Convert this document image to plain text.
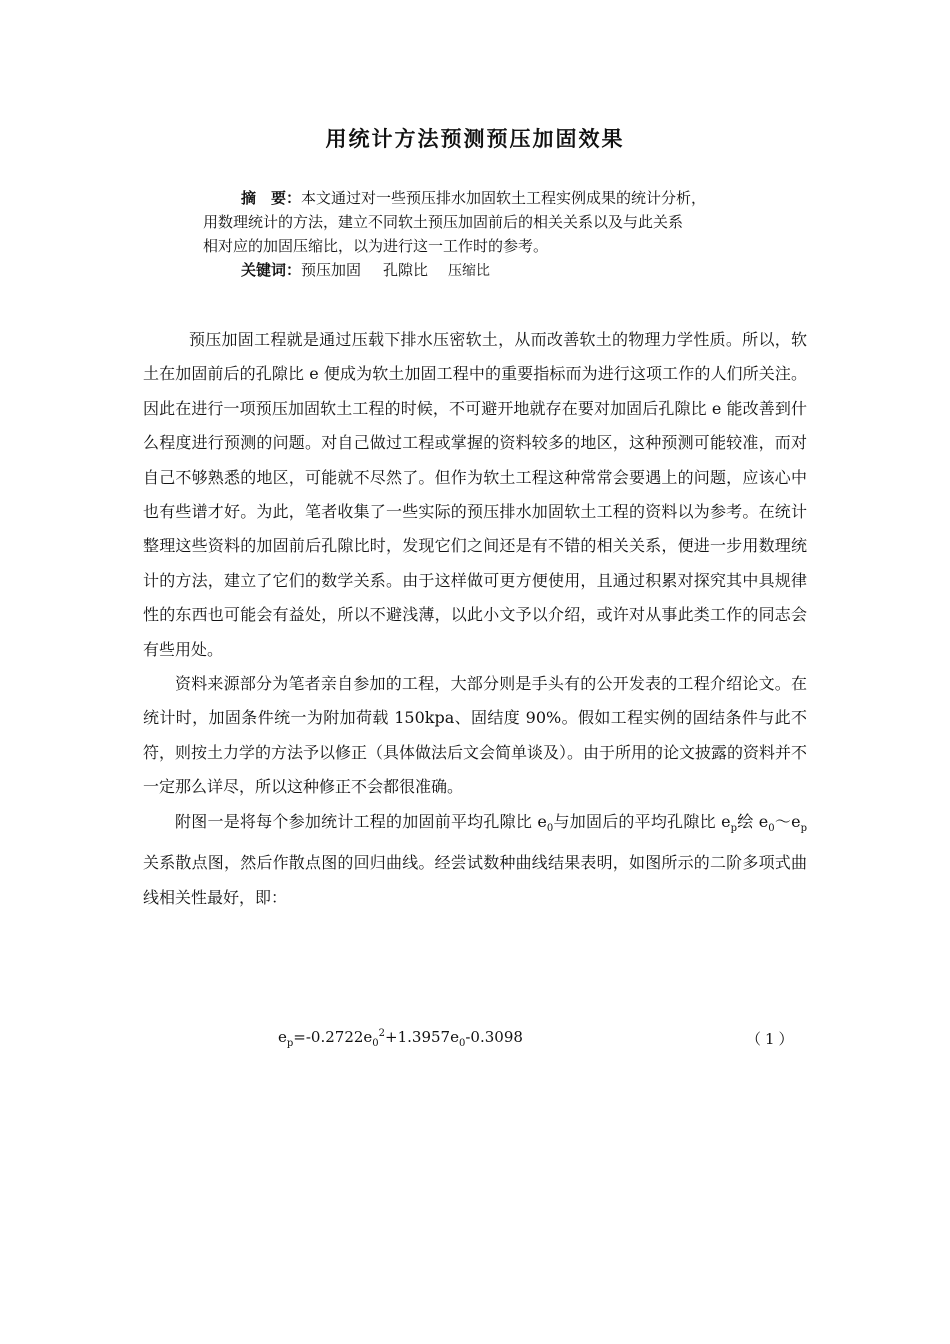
用统计方法预测预压加固效果
摘　要：本文通过对一些预压排水加固软土工程实例成果的统计分析，
用数理统计的方法，建立不同软土预压加固前后的相关关系以及与此关系
相对应的加固压缩比，以为进行这一工作时的参考。
关键词：预压加固 孔隙比 压缩比

预压加固工程就是通过压载下排水压密软土，从而改善软土的物理力学性质。所以，软土在加固前后的孔隙比 e 便成为软土加固工程中的重要指标而为进行这项工作的人们所关注。因此在进行一项预压加固软土工程的时候，不可避开地就存在要对加固后孔隙比 e 能改善到什么程度进行预测的问题。对自己做过工程或掌握的资料较多的地区，这种预测可能较准，而对自己不够熟悉的地区，可能就不尽然了。但作为软土工程这种常常会要遇上的问题，应该心中也有些谱才好。为此，笔者收集了一些实际的预压排水加固软土工程的资料以为参考。在统计整理这些资料的加固前后孔隙比时，发现它们之间还是有不错的相关关系，便进一步用数理统计的方法，建立了它们的数学关系。由于这样做可更方便使用，且通过积累对探究其中具规律性的东西也可能会有益处，所以不避浅薄，以此小文予以介绍，或许对从事此类工作的同志会有些用处。

资料来源部分为笔者亲自参加的工程，大部分则是手头有的公开发表的工程介绍论文。在统计时，加固条件统一为附加荷载 150kpa、固结度 90%。假如工程实例的固结条件与此不符，则按土力学的方法予以修正（具体做法后文会简单谈及）。由于所用的论文披露的资料并不一定那么详尽，所以这种修正不会都很准确。

附图一是将每个参加统计工程的加固前平均孔隙比 $e_0$与加固后的平均孔隙比 $e_p$绘 $e_0\sim e_p$关系散点图，然后作散点图的回归曲线。经尝试数种曲线结果表明，如图所示的二阶多项式曲线相关性最好，即：

$e_p=-0.2722e_0^2+1.3957e_0-0.3098$	（1）
